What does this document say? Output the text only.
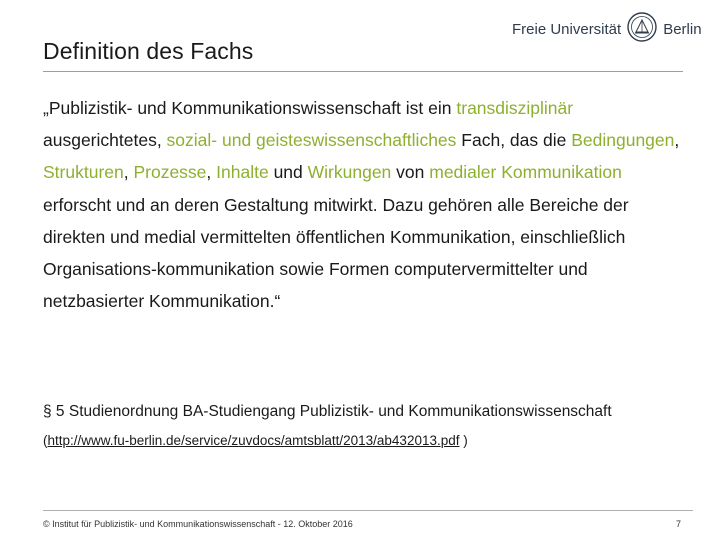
Definition des Fachs
Freie Universität	Berlin
„Publizistik- und Kommunikationswissenschaft ist ein transdisziplinär ausgerichtetes, sozial- und geisteswissenschaftliches Fach, das die Bedingungen, Strukturen, Prozesse, Inhalte und Wirkungen von medialer Kommunikation erforscht und an deren Gestaltung mitwirkt. Dazu gehören alle Bereiche der direkten und medial vermittelten öffentlichen Kommunikation, einschließlich Organisations-kommunikation sowie Formen computervermittelter und netzbasierter Kommunikation.“
§ 5 Studienordnung BA-Studiengang Publizistik- und Kommunikationswissenschaft
(http://www.fu-berlin.de/service/zuvdocs/amtsblatt/2013/ab432013.pdf )
© Institut für Publizistik- und Kommunikationswissenschaft - 12. Oktober 2016	7
